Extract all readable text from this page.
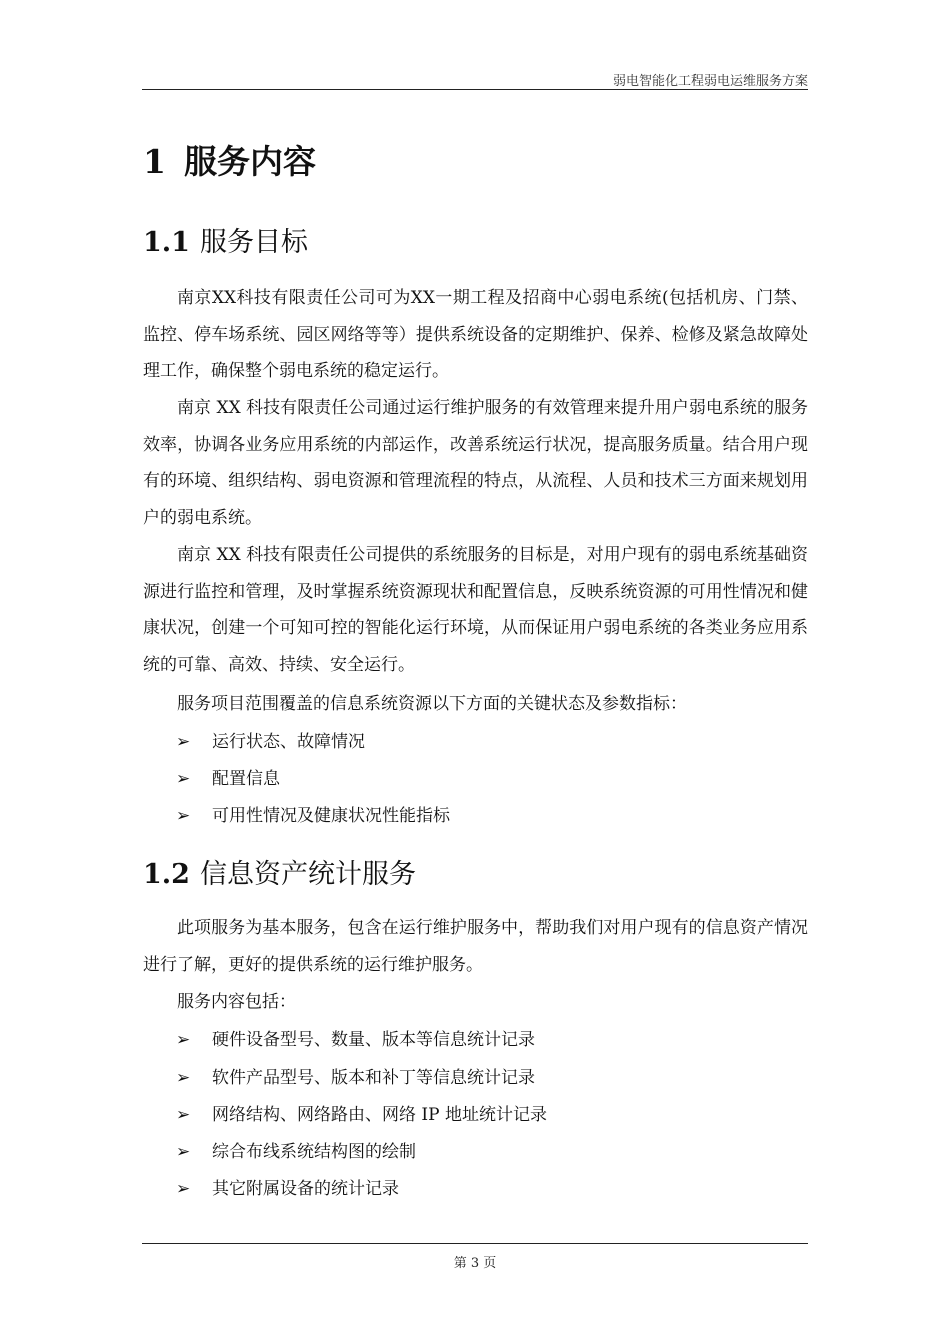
弱电智能化工程弱电运维服务方案
1 服务内容
1.1 服务目标

南京XX科技有限责任公司可为XX一期工程及招商中心弱电系统(包括机房、门禁、监控、停车场系统、园区网络等等）提供系统设备的定期维护、保养、检修及紧急故障处理工作，确保整个弱电系统的稳定运行。

南京 XX 科技有限责任公司通过运行维护服务的有效管理来提升用户弱电系统的服务效率，协调各业务应用系统的内部运作，改善系统运行状况，提高服务质量。结合用户现有的环境、组织结构、弱电资源和管理流程的特点，从流程、人员和技术三方面来规划用户的弱电系统。

南京 XX 科技有限责任公司提供的系统服务的目标是，对用户现有的弱电系统基础资源进行监控和管理，及时掌握系统资源现状和配置信息，反映系统资源的可用性情况和健康状况，创建一个可知可控的智能化运行环境，从而保证用户弱电系统的各类业务应用系统的可靠、高效、持续、安全运行。

服务项目范围覆盖的信息系统资源以下方面的关键状态及参数指标：

➢ 运行状态、故障情况

➢ 配置信息

➢ 可用性情况及健康状况性能指标

1.2 信息资产统计服务

此项服务为基本服务，包含在运行维护服务中，帮助我们对用户现有的信息资产情况进行了解，更好的提供系统的运行维护服务。

服务内容包括：

➢ 硬件设备型号、数量、版本等信息统计记录

➢ 软件产品型号、版本和补丁等信息统计记录

➢ 网络结构、网络路由、网络 IP 地址统计记录

➢ 综合布线系统结构图的绘制

➢ 其它附属设备的统计记录

第 3 页
